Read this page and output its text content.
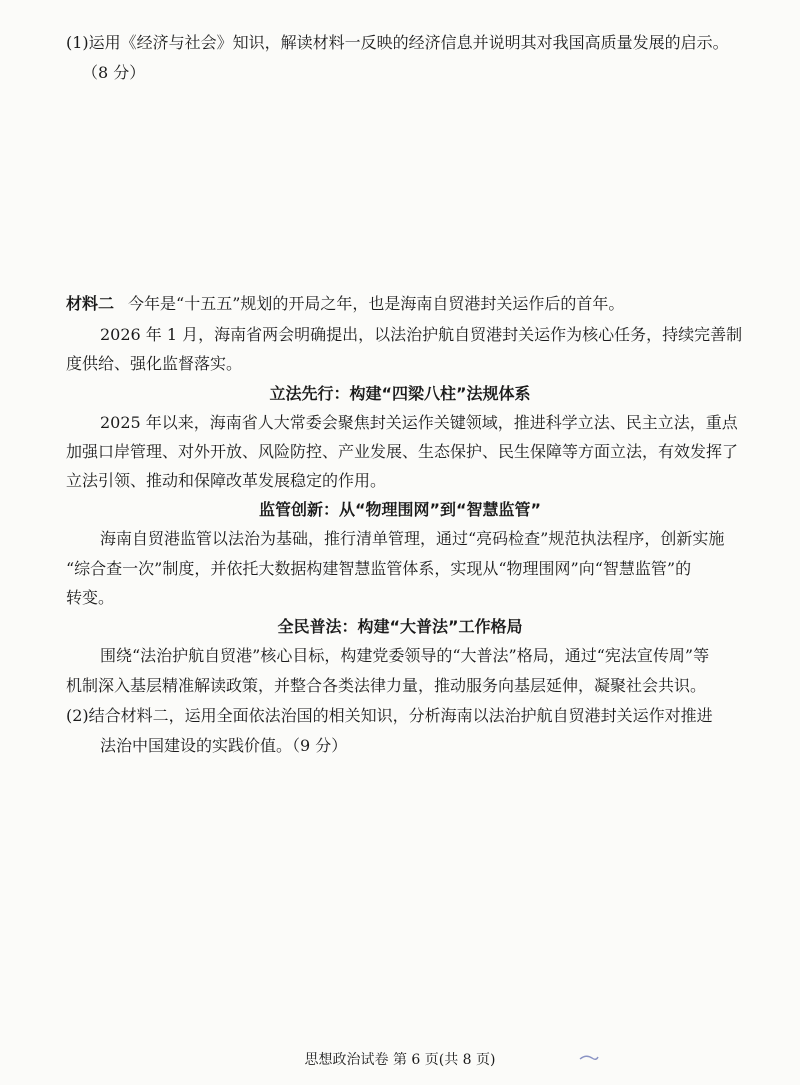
(1)运用《经济与社会》知识，解读材料一反映的经济信息并说明其对我国高质量发展的启示。
（8 分）
材料二 今年是“十五五”规划的开局之年，也是海南自贸港封关运作后的首年。
2026 年 1 月，海南省两会明确提出，以法治护航自贸港封关运作为核心任务，持续完善制
度供给、强化监督落实。
立法先行：构建“四梁八柱”法规体系
2025 年以来，海南省人大常委会聚焦封关运作关键领域，推进科学立法、民主立法，重点
加强口岸管理、对外开放、风险防控、产业发展、生态保护、民生保障等方面立法，有效发挥了
立法引领、推动和保障改革发展稳定的作用。
监管创新：从“物理围网”到“智慧监管”
海南自贸港监管以法治为基础，推行清单管理，通过“亮码检查”规范执法程序，创新实施
“综合查一次”制度，并依托大数据构建智慧监管体系，实现从“物理围网”向“智慧监管”的
转变。
全民普法：构建“大普法”工作格局
围绕“法治护航自贸港”核心目标，构建党委领导的“大普法”格局，通过“宪法宣传周”等
机制深入基层精准解读政策，并整合各类法律力量，推动服务向基层延伸，凝聚社会共识。
(2)结合材料二，运用全面依法治国的相关知识，分析海南以法治护航自贸港封关运作对推进
法治中国建设的实践价值。（9 分）
思想政治试卷 第 6 页(共 8 页)
